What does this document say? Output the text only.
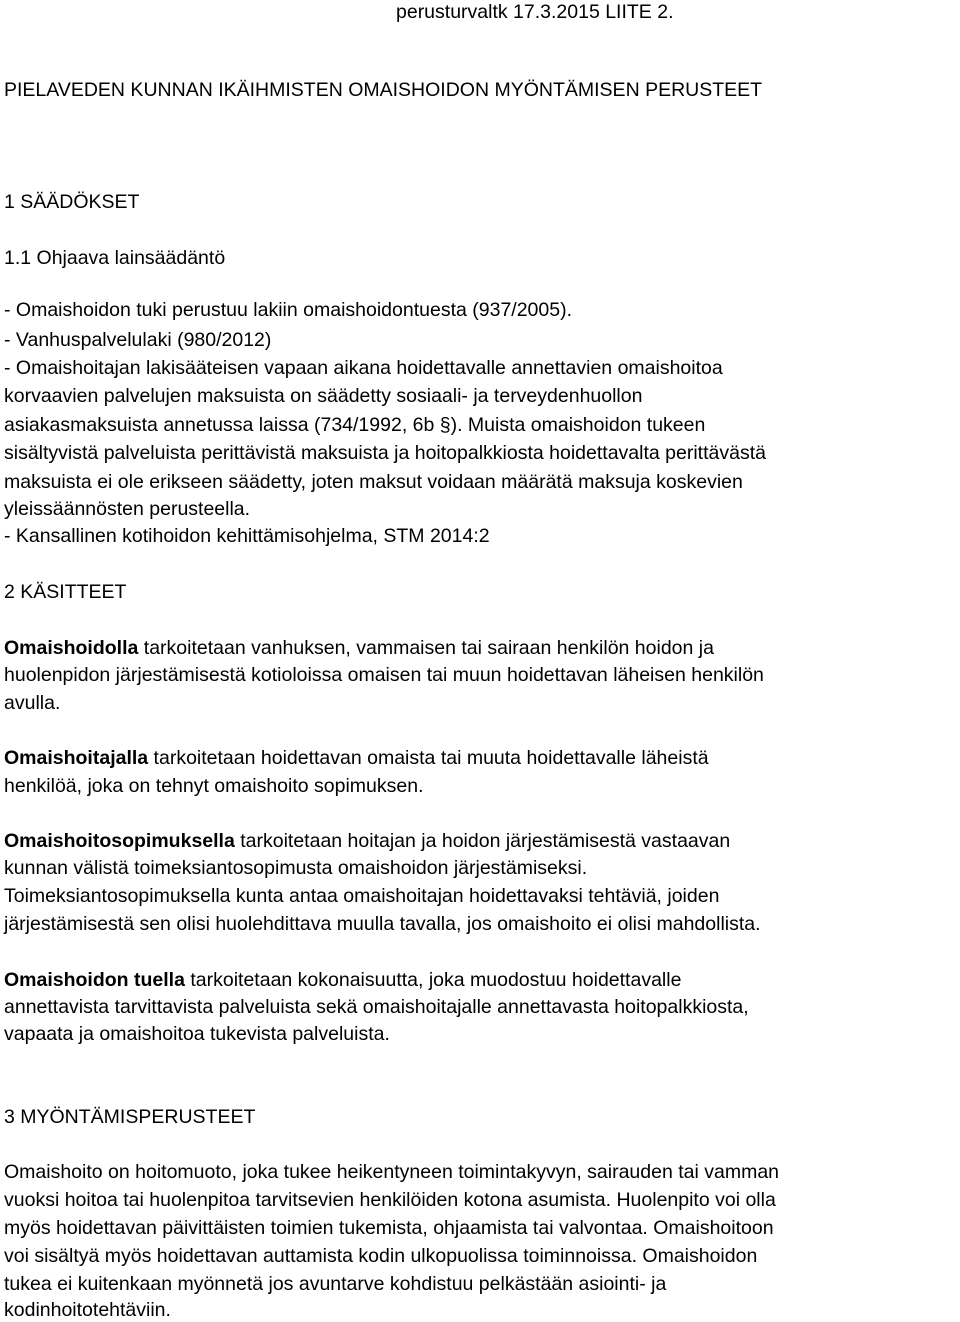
perusturvaltk 17.3.2015 LIITE 2.
PIELAVEDEN KUNNAN IKÄIHMISTEN OMAISHOIDON MYÖNTÄMISEN PERUSTEET
1 SÄÄDÖKSET
1.1 Ohjaava lainsäädäntö
- Omaishoidon tuki perustuu lakiin omaishoidontuesta (937/2005).
- Vanhuspalvelulaki (980/2012)
- Omaishoitajan lakisääteisen vapaan aikana hoidettavalle annettavien omaishoitoa
korvaavien palvelujen maksuista on säädetty sosiaali- ja terveydenhuollon
asiakasmaksuista annetussa laissa (734/1992, 6b §). Muista omaishoidon tukeen
sisältyvistä palveluista perittävistä maksuista ja hoitopalkkiosta hoidettavalta perittävästä
maksuista ei ole erikseen säädetty, joten maksut voidaan määrätä maksuja koskevien
yleissäännösten perusteella.
- Kansallinen kotihoidon kehittämisohjelma, STM 2014:2
2 KÄSITTEET
Omaishoidolla tarkoitetaan vanhuksen, vammaisen tai sairaan henkilön hoidon ja
huolenpidon järjestämisestä kotioloissa omaisen tai muun hoidettavan läheisen henkilön
avulla.
Omaishoitajalla tarkoitetaan hoidettavan omaista tai muuta hoidettavalle läheistä
henkilöä, joka on tehnyt omaishoito sopimuksen.
Omaishoitosopimuksella tarkoitetaan hoitajan ja hoidon järjestämisestä vastaavan
kunnan välistä toimeksiantosopimusta omaishoidon järjestämiseksi.
Toimeksiantosopimuksella kunta antaa omaishoitajan hoidettavaksi tehtäviä, joiden
järjestämisestä sen olisi huolehdittava muulla tavalla, jos omaishoito ei olisi mahdollista.
Omaishoidon tuella tarkoitetaan kokonaisuutta, joka muodostuu hoidettavalle
annettavista tarvittavista palveluista sekä omaishoitajalle annettavasta hoitopalkkiosta,
vapaata ja omaishoitoa tukevista palveluista.
3 MYÖNTÄMISPERUSTEET
Omaishoito on hoitomuoto, joka tukee heikentyneen toimintakyvyn, sairauden tai vamman
vuoksi hoitoa tai huolenpitoa tarvitsevien henkilöiden kotona asumista. Huolenpito voi olla
myös hoidettavan päivittäisten toimien tukemista, ohjaamista tai valvontaa. Omaishoitoon
voi sisältyä myös hoidettavan auttamista kodin ulkopuolissa toiminnoissa. Omaishoidon
tukea ei kuitenkaan myönnetä jos avuntarve kohdistuu pelkästään asiointi- ja
kodinhoitotehtäviin.
